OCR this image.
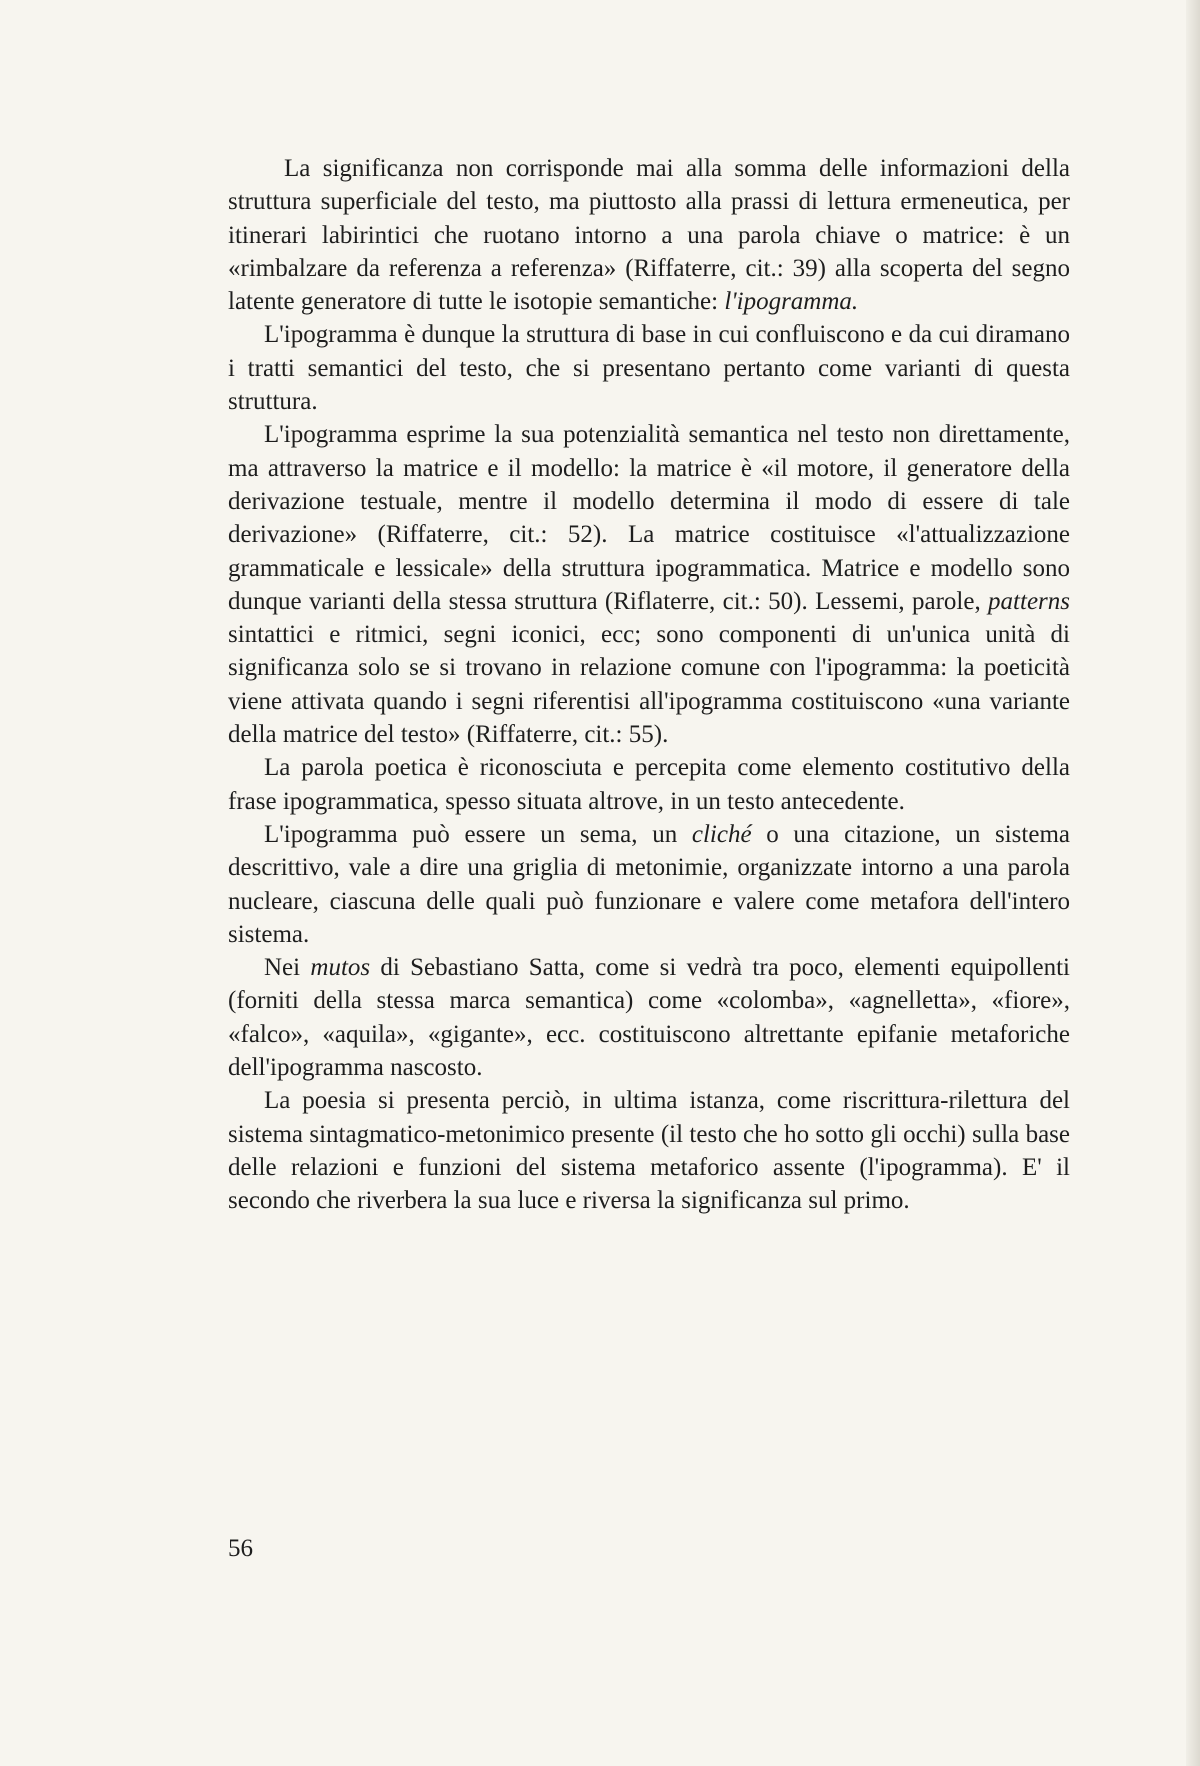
La significanza non corrisponde mai alla somma delle informazioni della struttura superficiale del testo, ma piuttosto alla prassi di lettura ermeneutica, per itinerari labirintici che ruotano intorno a una parola chiave o matrice: è un «rimbalzare da referenza a referenza» (Riffaterre, cit.: 39) alla scoperta del segno latente generatore di tutte le isotopie semantiche: l'ipogramma.

L'ipogramma è dunque la struttura di base in cui confluiscono e da cui diramano i tratti semantici del testo, che si presentano pertanto come varianti di questa struttura.

L'ipogramma esprime la sua potenzialità semantica nel testo non direttamente, ma attraverso la matrice e il modello: la matrice è «il motore, il generatore della derivazione testuale, mentre il modello determina il modo di essere di tale derivazione» (Riffaterre, cit.: 52). La matrice costituisce «l'attualizzazione grammaticale e lessicale» della struttura ipogrammatica. Matrice e modello sono dunque varianti della stessa struttura (Riflaterre, cit.: 50). Lessemi, parole, patterns sintattici e ritmici, segni iconici, ecc; sono componenti di un'unica unità di significanza solo se si trovano in relazione comune con l'ipogramma: la poeticità viene attivata quando i segni riferentisi all'ipogramma costituiscono «una variante della matrice del testo» (Riffaterre, cit.: 55).

La parola poetica è riconosciuta e percepita come elemento costitutivo della frase ipogrammatica, spesso situata altrove, in un testo antecedente.

L'ipogramma può essere un sema, un cliché o una citazione, un sistema descrittivo, vale a dire una griglia di metonimie, organizzate intorno a una parola nucleare, ciascuna delle quali può funzionare e valere come metafora dell'intero sistema.

Nei mutos di Sebastiano Satta, come si vedrà tra poco, elementi equipollenti (forniti della stessa marca semantica) come «colomba», «agnelletta», «fiore», «falco», «aquila», «gigante», ecc. costituiscono altrettante epifanie metaforiche dell'ipogramma nascosto.

La poesia si presenta perciò, in ultima istanza, come riscrittura-rilettura del sistema sintagmatico-metonimico presente (il testo che ho sotto gli occhi) sulla base delle relazioni e funzioni del sistema metaforico assente (l'ipogramma). E' il secondo che riverbera la sua luce e riversa la significanza sul primo.

56
